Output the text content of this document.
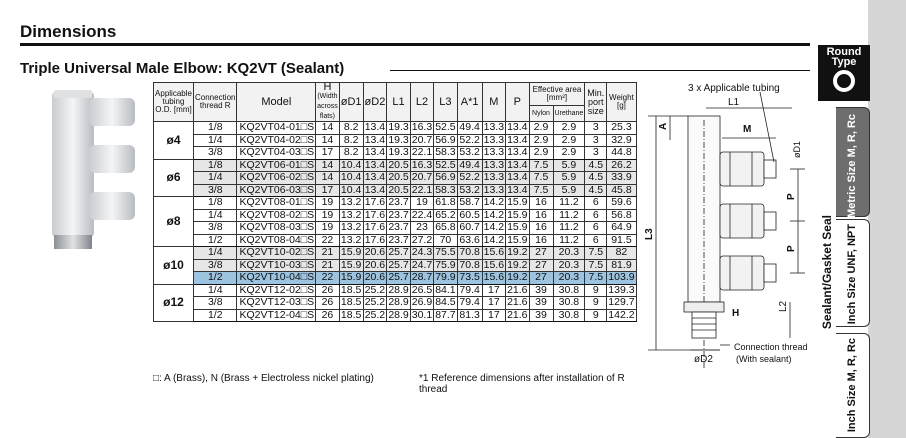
Dimensions
Triple Universal Male Elbow: KQ2VT (Sealant)
Applicable tubing O.D. [mm]	Connection thread R	Model	H
(Width across flats)	øD1	øD2	L1	L2	L3	A*1	M	P	Effective area [mm²]		Min. port size	Weight [g]
												Nylon	Urethane		
ø4	1/8	KQ2VT04-01□S	14	8.2	13.4	19.3	16.3	52.5	49.4	13.3	13.4	2.9	2.9	3	25.3
	1/4	KQ2VT04-02□S	14	8.2	13.4	19.3	20.7	56.9	52.2	13.3	13.4	2.9	2.9	3	32.9
	3/8	KQ2VT04-03□S	17	8.2	13.4	19.3	22.1	58.3	53.2	13.3	13.4	2.9	2.9	3	44.8
ø6	1/8	KQ2VT06-01□S	14	10.4	13.4	20.5	16.3	52.5	49.4	13.3	13.4	7.5	5.9	4.5	26.2
	1/4	KQ2VT06-02□S	14	10.4	13.4	20.5	20.7	56.9	52.2	13.3	13.4	7.5	5.9	4.5	33.9
	3/8	KQ2VT06-03□S	17	10.4	13.4	20.5	22.1	58.3	53.2	13.3	13.4	7.5	5.9	4.5	45.8
ø8	1/8	KQ2VT08-01□S	19	13.2	17.6	23.7	19	61.8	58.7	14.2	15.9	16	11.2	6	59.6
	1/4	KQ2VT08-02□S	19	13.2	17.6	23.7	22.4	65.2	60.5	14.2	15.9	16	11.2	6	56.8
	3/8	KQ2VT08-03□S	19	13.2	17.6	23.7	23	65.8	60.7	14.2	15.9	16	11.2	6	64.9
	1/2	KQ2VT08-04□S	22	13.2	17.6	23.7	27.2	70	63.6	14.2	15.9	16	11.2	6	91.5
ø10	1/4	KQ2VT10-02□S	21	15.9	20.6	25.7	24.3	75.5	70.8	15.6	19.2	27	20.3	7.5	82
	3/8	KQ2VT10-03□S	21	15.9	20.6	25.7	24.7	75.9	70.8	15.6	19.2	27	20.3	7.5	81.9
	1/2	KQ2VT10-04□S	22	15.9	20.6	25.7	28.7	79.9	73.5	15.6	19.2	27	20.3	7.5	103.9
ø12	1/4	KQ2VT12-02□S	26	18.5	25.2	28.9	26.5	84.1	79.4	17	21.6	39	30.8	9	139.3
	3/8	KQ2VT12-03□S	26	18.5	25.2	28.9	26.9	84.5	79.4	17	21.6	39	30.8	9	129.7
	1/2	KQ2VT12-04□S	26	18.5	25.2	28.9	30.1	87.7	81.3	17	21.6	39	30.8	9	142.2
□: A (Brass), N (Brass + Electroless nickel plating)	*1 Reference dimensions after installation of R thread
3 x Applicable tubing
L1
M
øD1
A
L3
P
P
L2
H
øD2
Connection thread
(With sealant)
Round
Type
Metric Size M, R, Rc
Sealant/Gasket Seal Inch Size UNF, NPT
Inch Size M, R, Rc
